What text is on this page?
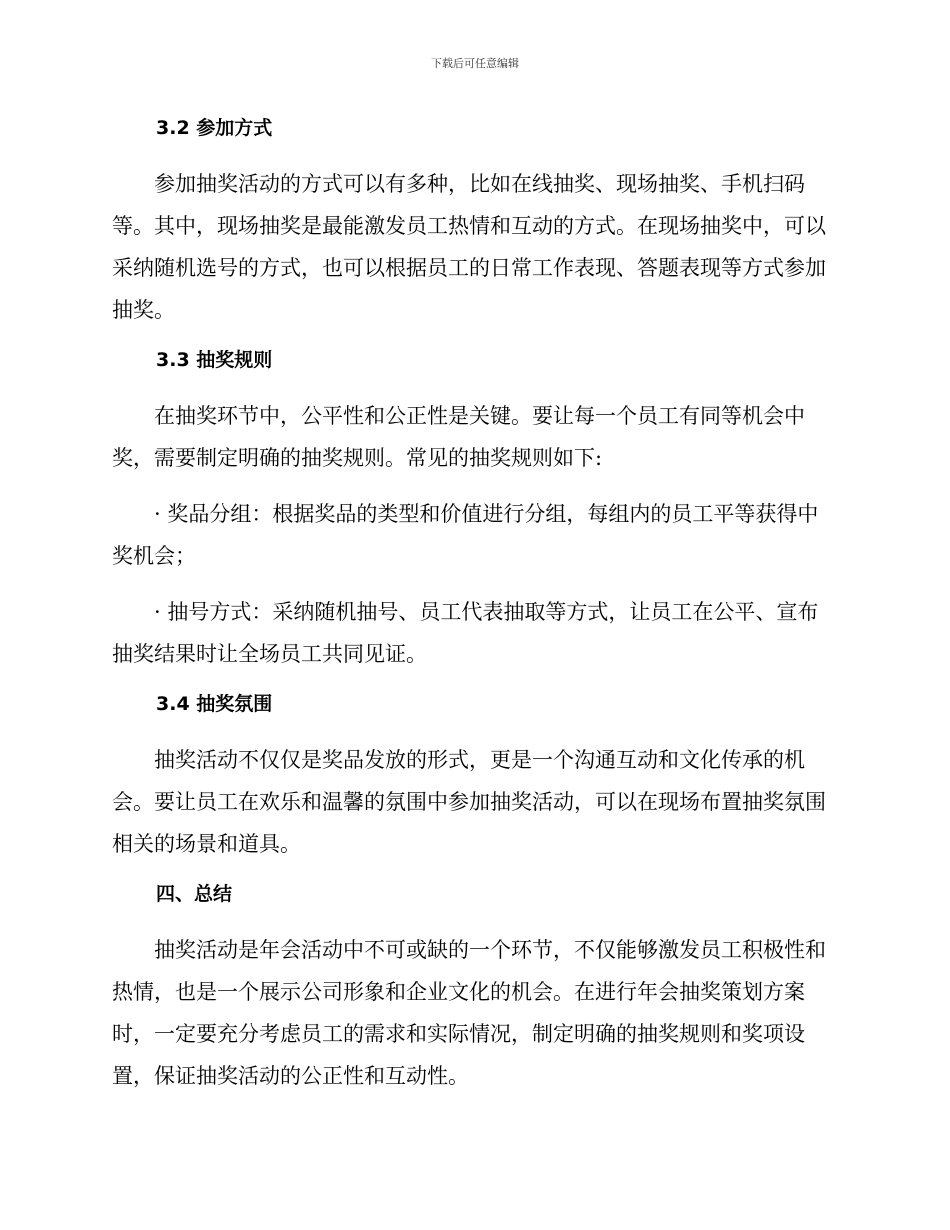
下载后可任意编辑
3.2 参加方式

参加抽奖活动的方式可以有多种，比如在线抽奖、现场抽奖、手机扫码等。其中，现场抽奖是最能激发员工热情和互动的方式。在现场抽奖中，可以采纳随机选号的方式，也可以根据员工的日常工作表现、答题表现等方式参加抽奖。

3.3 抽奖规则

在抽奖环节中，公平性和公正性是关键。要让每一个员工有同等机会中奖，需要制定明确的抽奖规则。常见的抽奖规则如下:

· 奖品分组：根据奖品的类型和价值进行分组，每组内的员工平等获得中奖机会；

· 抽号方式：采纳随机抽号、员工代表抽取等方式，让员工在公平、宣布抽奖结果时让全场员工共同见证。

3.4 抽奖氛围

抽奖活动不仅仅是奖品发放的形式，更是一个沟通互动和文化传承的机会。要让员工在欢乐和温馨的氛围中参加抽奖活动，可以在现场布置抽奖氛围相关的场景和道具。

四、总结

抽奖活动是年会活动中不可或缺的一个环节，不仅能够激发员工积极性和热情，也是一个展示公司形象和企业文化的机会。在进行年会抽奖策划方案时，一定要充分考虑员工的需求和实际情况，制定明确的抽奖规则和奖项设置，保证抽奖活动的公正性和互动性。
